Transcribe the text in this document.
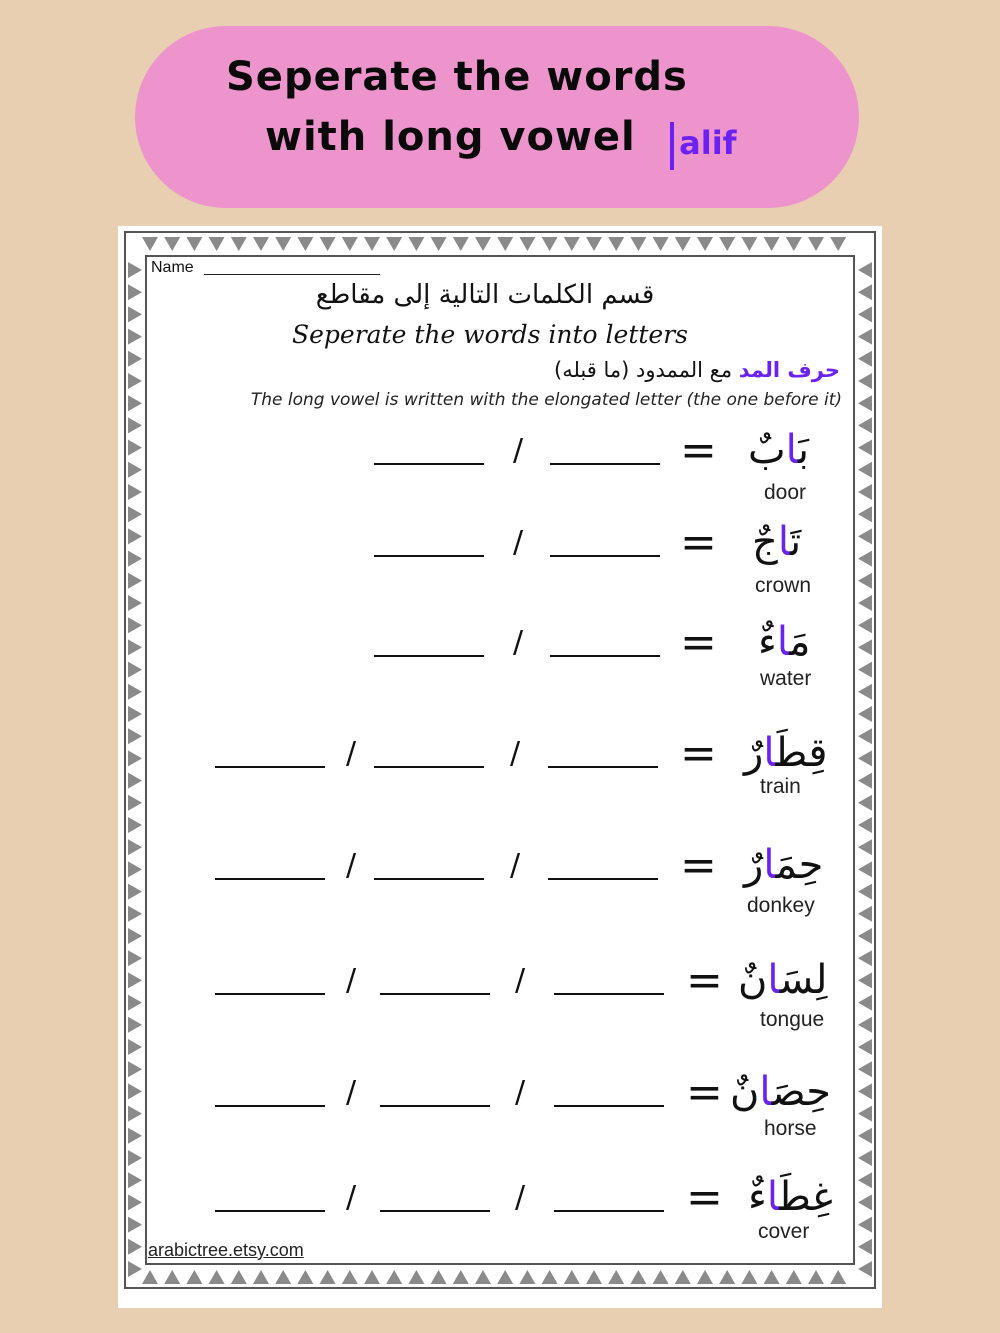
Seperate the words
with long vowel	alif
Name
قسم الكلمات التالية إلى مقاطع
Seperate the words into letters
حرف المد مع الممدود (ما قبله)
The long vowel is written with the elongated letter (the one before it)
/	=	بَابٌ
door
/	=	تَاجٌ
crown
/	=	مَاءٌ
water
/	/	=	قِطَارٌ
train
/	/	=	حِمَارٌ
donkey
/	/	=	لِسَانٌ
tongue
/	/	=	حِصَانٌ
horse
/	/	=	غِطَاءٌ
cover
arabictree.etsy.com
